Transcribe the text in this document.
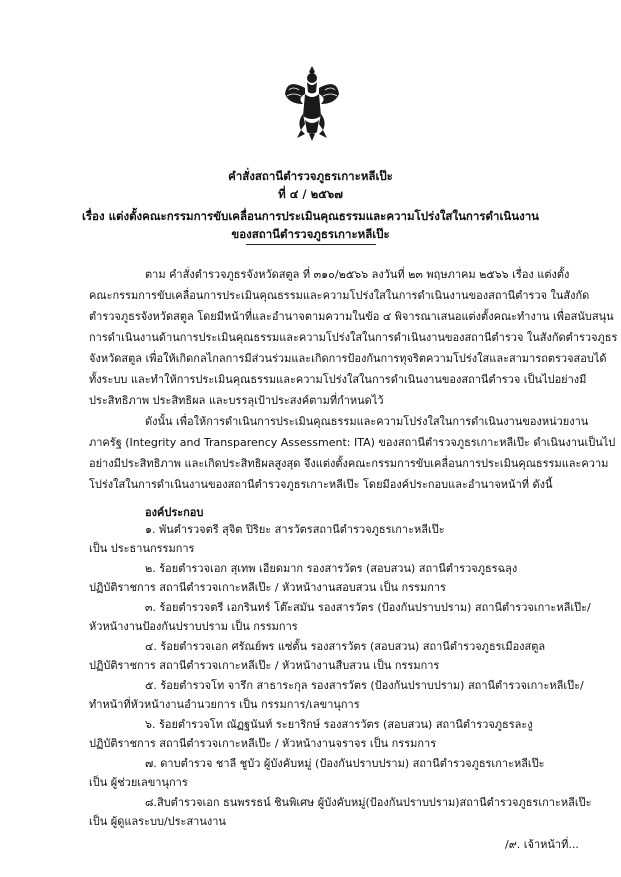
คำสั่งสถานีตำรวจภูธรเกาะหลีเป๊ะ
ที่ ๔ / ๒๕๖๗
เรื่อง แต่งตั้งคณะกรรมการขับเคลื่อนการประเมินคุณธรรมและความโปร่งใสในการดำเนินงาน
ของสถานีตำรวจภูธรเกาะหลีเป๊ะ
ตาม คำสั่งตำรวจภูธรจังหวัดสตูล ที่ ๓๑๐/๒๕๖๖ ลงวันที่ ๒๓ พฤษภาคม ๒๕๖๖ เรื่อง แต่งตั้ง
คณะกรรมการขับเคลื่อนการประเมินคุณธรรมและความโปร่งใสในการดำเนินงานของสถานีตำรวจ ในสังกัด
ตำรวจภูธรจังหวัดสตูล โดยมีหน้าที่และอำนาจตามความในข้อ ๔ พิจารณาเสนอแต่งตั้งคณะทำงาน เพื่อสนับสนุน
การดำเนินงานด้านการประเมินคุณธรรมและความโปร่งใสในการดำเนินงานของสถานีตำรวจ ในสังกัดตำรวจภูธร
จังหวัดสตูล เพื่อให้เกิดกลไกลการมีส่วนร่วมและเกิดการป้องกันการทุจริตความโปร่งใสและสามารถตรวจสอบได้
ทั้งระบบ และทำให้การประเมินคุณธรรมและความโปร่งใสในการดำเนินงานของสถานีตำรวจ เป็นไปอย่างมี
ประสิทธิภาพ ประสิทธิผล และบรรลุเป้าประสงค์ตามที่กำหนดไว้
ดังนั้น เพื่อให้การดำเนินการประเมินคุณธรรมและความโปร่งใสในการดำเนินงานของหน่วยงาน
ภาครัฐ (Integrity and Transparency Assessment: ITA) ของสถานีตำรวจภูธรเกาะหลีเป๊ะ ดำเนินงานเป็นไป
อย่างมีประสิทธิภาพ และเกิดประสิทธิผลสูงสุด จึงแต่งตั้งคณะกรรมการขับเคลื่อนการประเมินคุณธรรมและความ
โปร่งใสในการดำเนินงานของสถานีตำรวจภูธรเกาะหลีเป๊ะ โดยมีองค์ประกอบและอำนาจหน้าที่ ดังนี้
องค์ประกอบ
๑. พันตำรวจตรี สุจิต ปิริยะ สารวัตรสถานีตำรวจภูธรเกาะหลีเป๊ะ
เป็น ประธานกรรมการ
๒. ร้อยตำรวจเอก สุเทพ เอียดมาก รองสารวัตร (สอบสวน) สถานีตำรวจภูธรฉลุง
ปฏิบัติราชการ สถานีตำรวจเกาะหลีเป๊ะ / หัวหน้างานสอบสวน เป็น กรรมการ
๓. ร้อยตำรวจตรี เอกรินทร์ โต๊ะสมัน รองสารวัตร (ป้องกันปราบปราม) สถานีตำรวจเกาะหลีเป๊ะ/
หัวหน้างานป้องกันปราบปราม เป็น กรรมการ
๔. ร้อยตำรวจเอก ศรัณย์พร แซ่ตั้น รองสารวัตร (สอบสวน) สถานีตำรวจภูธรเมืองสตูล
ปฏิบัติราชการ สถานีตำรวจเกาะหลีเป๊ะ / หัวหน้างานสืบสวน เป็น กรรมการ
๕. ร้อยตำรวจโท จารึก สาธาระกุล รองสารวัตร (ป้องกันปราบปราม) สถานีตำรวจเกาะหลีเป๊ะ/
ทำหน้าที่หัวหน้างานอำนวยการ เป็น กรรมการ/เลขานุการ
๖. ร้อยตำรวจโท ณัฏฐนันท์ ระยาริกษ์ รองสารวัตร (สอบสวน) สถานีตำรวจภูธรละงู
ปฏิบัติราชการ สถานีตำรวจเกาะหลีเป๊ะ / หัวหน้างานจราจร เป็น กรรมการ
๗. ดาบตำรวจ ชาลี ชูบัว ผู้บังคับหมู่ (ป้องกันปราบปราม) สถานีตำรวจภูธรเกาะหลีเป๊ะ
เป็น ผู้ช่วยเลขานุการ
๘.สิบตำรวจเอก ธนพรรธน์ ชินพิเศษ ผู้บังคับหมู่(ป้องกันปราบปราม)สถานีตำรวจภูธรเกาะหลีเป๊ะ
เป็น ผู้ดูแลระบบ/ประสานงาน
/๙. เจ้าหน้าที่...
